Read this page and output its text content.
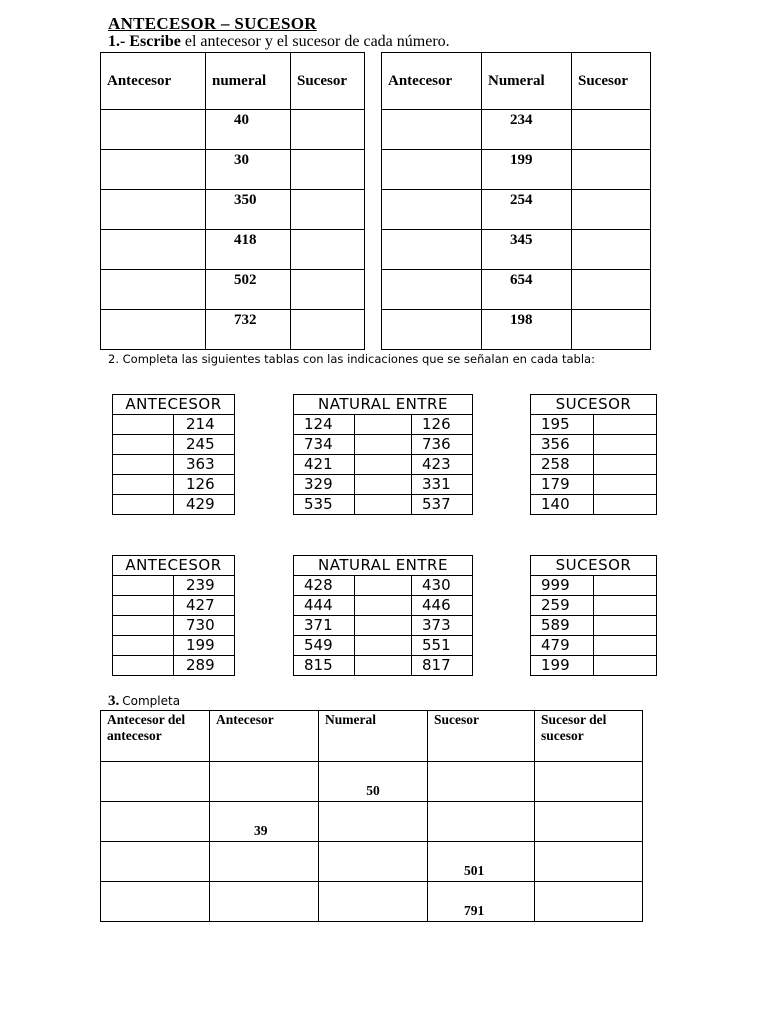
ANTECESOR – SUCESOR
1.- Escribe el antecesor y el sucesor de cada número.
Antecesor	numeral	Sucesor
	40	
	30	
	350	
	418	
	502	
	732	
Antecesor	Numeral	Sucesor
	234	
	199	
	254	
	345	
	654	
	198	
2. Completa las siguientes tablas con las indicaciones que se señalan en cada tabla:
ANTECESOR	
	214
	245
	363
	126
	429
NATURAL ENTRE		
124		126
734		736
421		423
329		331
535		537
SUCESOR	
195	
356	
258	
179	
140	
ANTECESOR	
	239
	427
	730
	199
	289
NATURAL ENTRE		
428		430
444		446
371		373
549		551
815		817
SUCESOR	
999	
259	
589	
479	
199	
3. Completa
Antecesor del antecesor	Antecesor	Numeral	Sucesor	Sucesor del sucesor
		50		
	39			
			501	
			791	
